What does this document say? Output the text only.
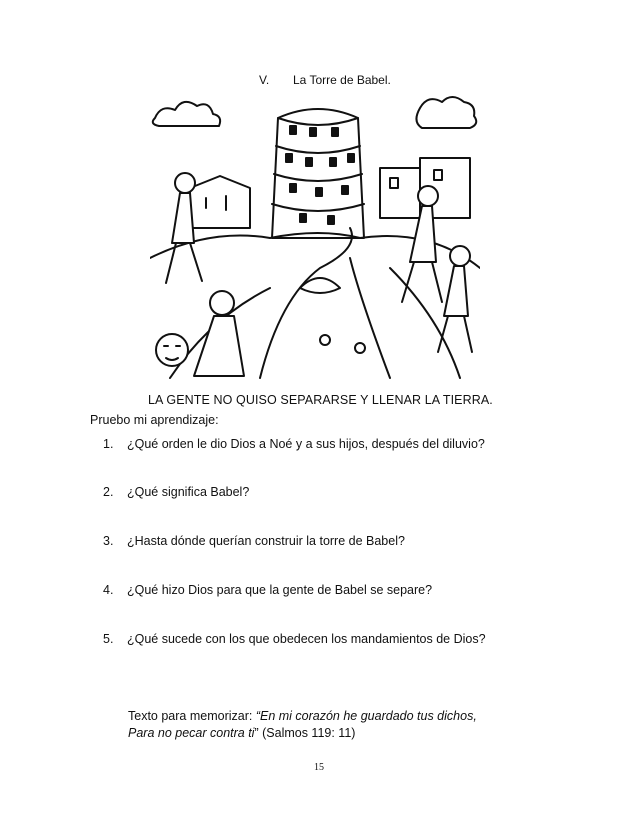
V. La Torre de Babel.
LA GENTE NO QUISO SEPARARSE Y LLENAR LA TIERRA.
Pruebo mi aprendizaje:
1. ¿Qué orden le dio Dios a Noé y a sus hijos, después del diluvio?
2. ¿Qué significa Babel?
3. ¿Hasta dónde querían construir la torre de Babel?
4. ¿Qué hizo Dios para que la gente de Babel se separe?
5. ¿Qué sucede con los que obedecen los mandamientos de Dios?
Texto para memorizar: “En mi corazón he guardado tus dichos,
Para no pecar contra ti” (Salmos 119: 11)
15
